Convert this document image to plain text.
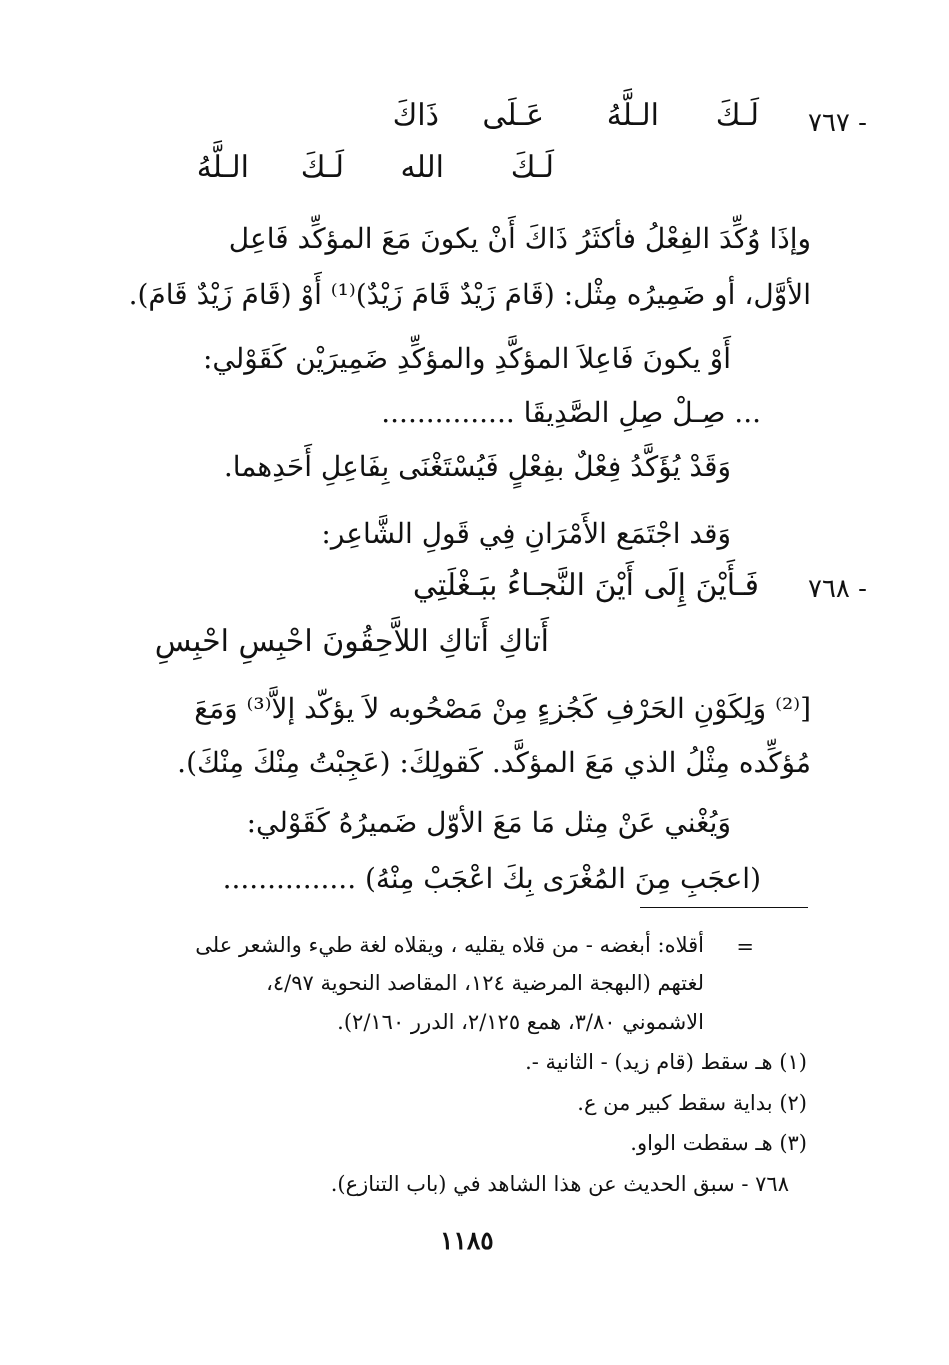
٧٦٧ -
لَـكَ
الـلَّهُ
عَـلَى
ذَاكَ
لَـكَ
الله
لَـكَ
الـلَّهُ
وإذَا وُكِّدَ الفِعْلُ فأكثَرُ ذَاكَ أَنْ يكونَ مَعَ المؤكِّد فَاعِل
الأوَّل، أو ضَمِيرُه مِثْل: (قَامَ زَيْدٌ قَامَ زَيْدٌ)⁽¹⁾ أَوْ (قَامَ زَيْدٌ قَامَ).
أَوْ يكونَ فَاعِلاَ المؤكَّدِ والمؤكِّدِ ضَمِيرَيْن كَقَوْلي:
... صِـلْ صِلِ الصَّدِيقَا ...............
وَقَدْ يُؤَكَّدُ فِعْلٌ بفِعْلٍ فَيُسْتَغْنَى بِفَاعِلِ أَحَدِهما.
وَقد اجْتَمَع الأَمْرَانِ فِي قَولِ الشَّاعِر:
٧٦٨ -
فَـأَيْنَ إِلَى أَيْنَ النَّجـاءُ ببَـغْلَتِي
أَتاكِ أَتاكِ اللاَّحِقُونَ احْبِسِ احْبِسِ
[⁽²⁾ وَلِكَوْنِ الحَرْفِ كَجُزءٍ مِنْ مَصْحُوبه لاَ يؤكّد إلاَّ⁽³⁾ وَمَعَ
مُؤكِّده مِثْلُ الذي مَعَ المؤكَّد. كَقولِكَ: (عَجِبْتُ مِنْكَ مِنْكَ).
وَيُغْني عَنْ مِثل مَا مَعَ الأوّل ضَميرُهُ كَقَوْلي:
(اعجَبِ مِنَ المُغْرَى بِكَ اعْجَبْ مِنْهُ) ...............
=
أقلاه: أبغضه - من قلاه يقليه ، ويقلاه لغة طيء والشعر على
لغتهم (البهجة المرضية ١٢٤، المقاصد النحوية ٤/٩٧،
الاشموني ٣/٨٠، همع ٢/١٢٥، الدرر ٢/١٦٠).
(١) هـ سقط (قام زيد) - الثانية -.
(٢) بداية سقط كبير من ع.
(٣) هـ سقطت الواو.
٧٦٨ - سبق الحديث عن هذا الشاهد في (باب التنازع).
١١٨٥
